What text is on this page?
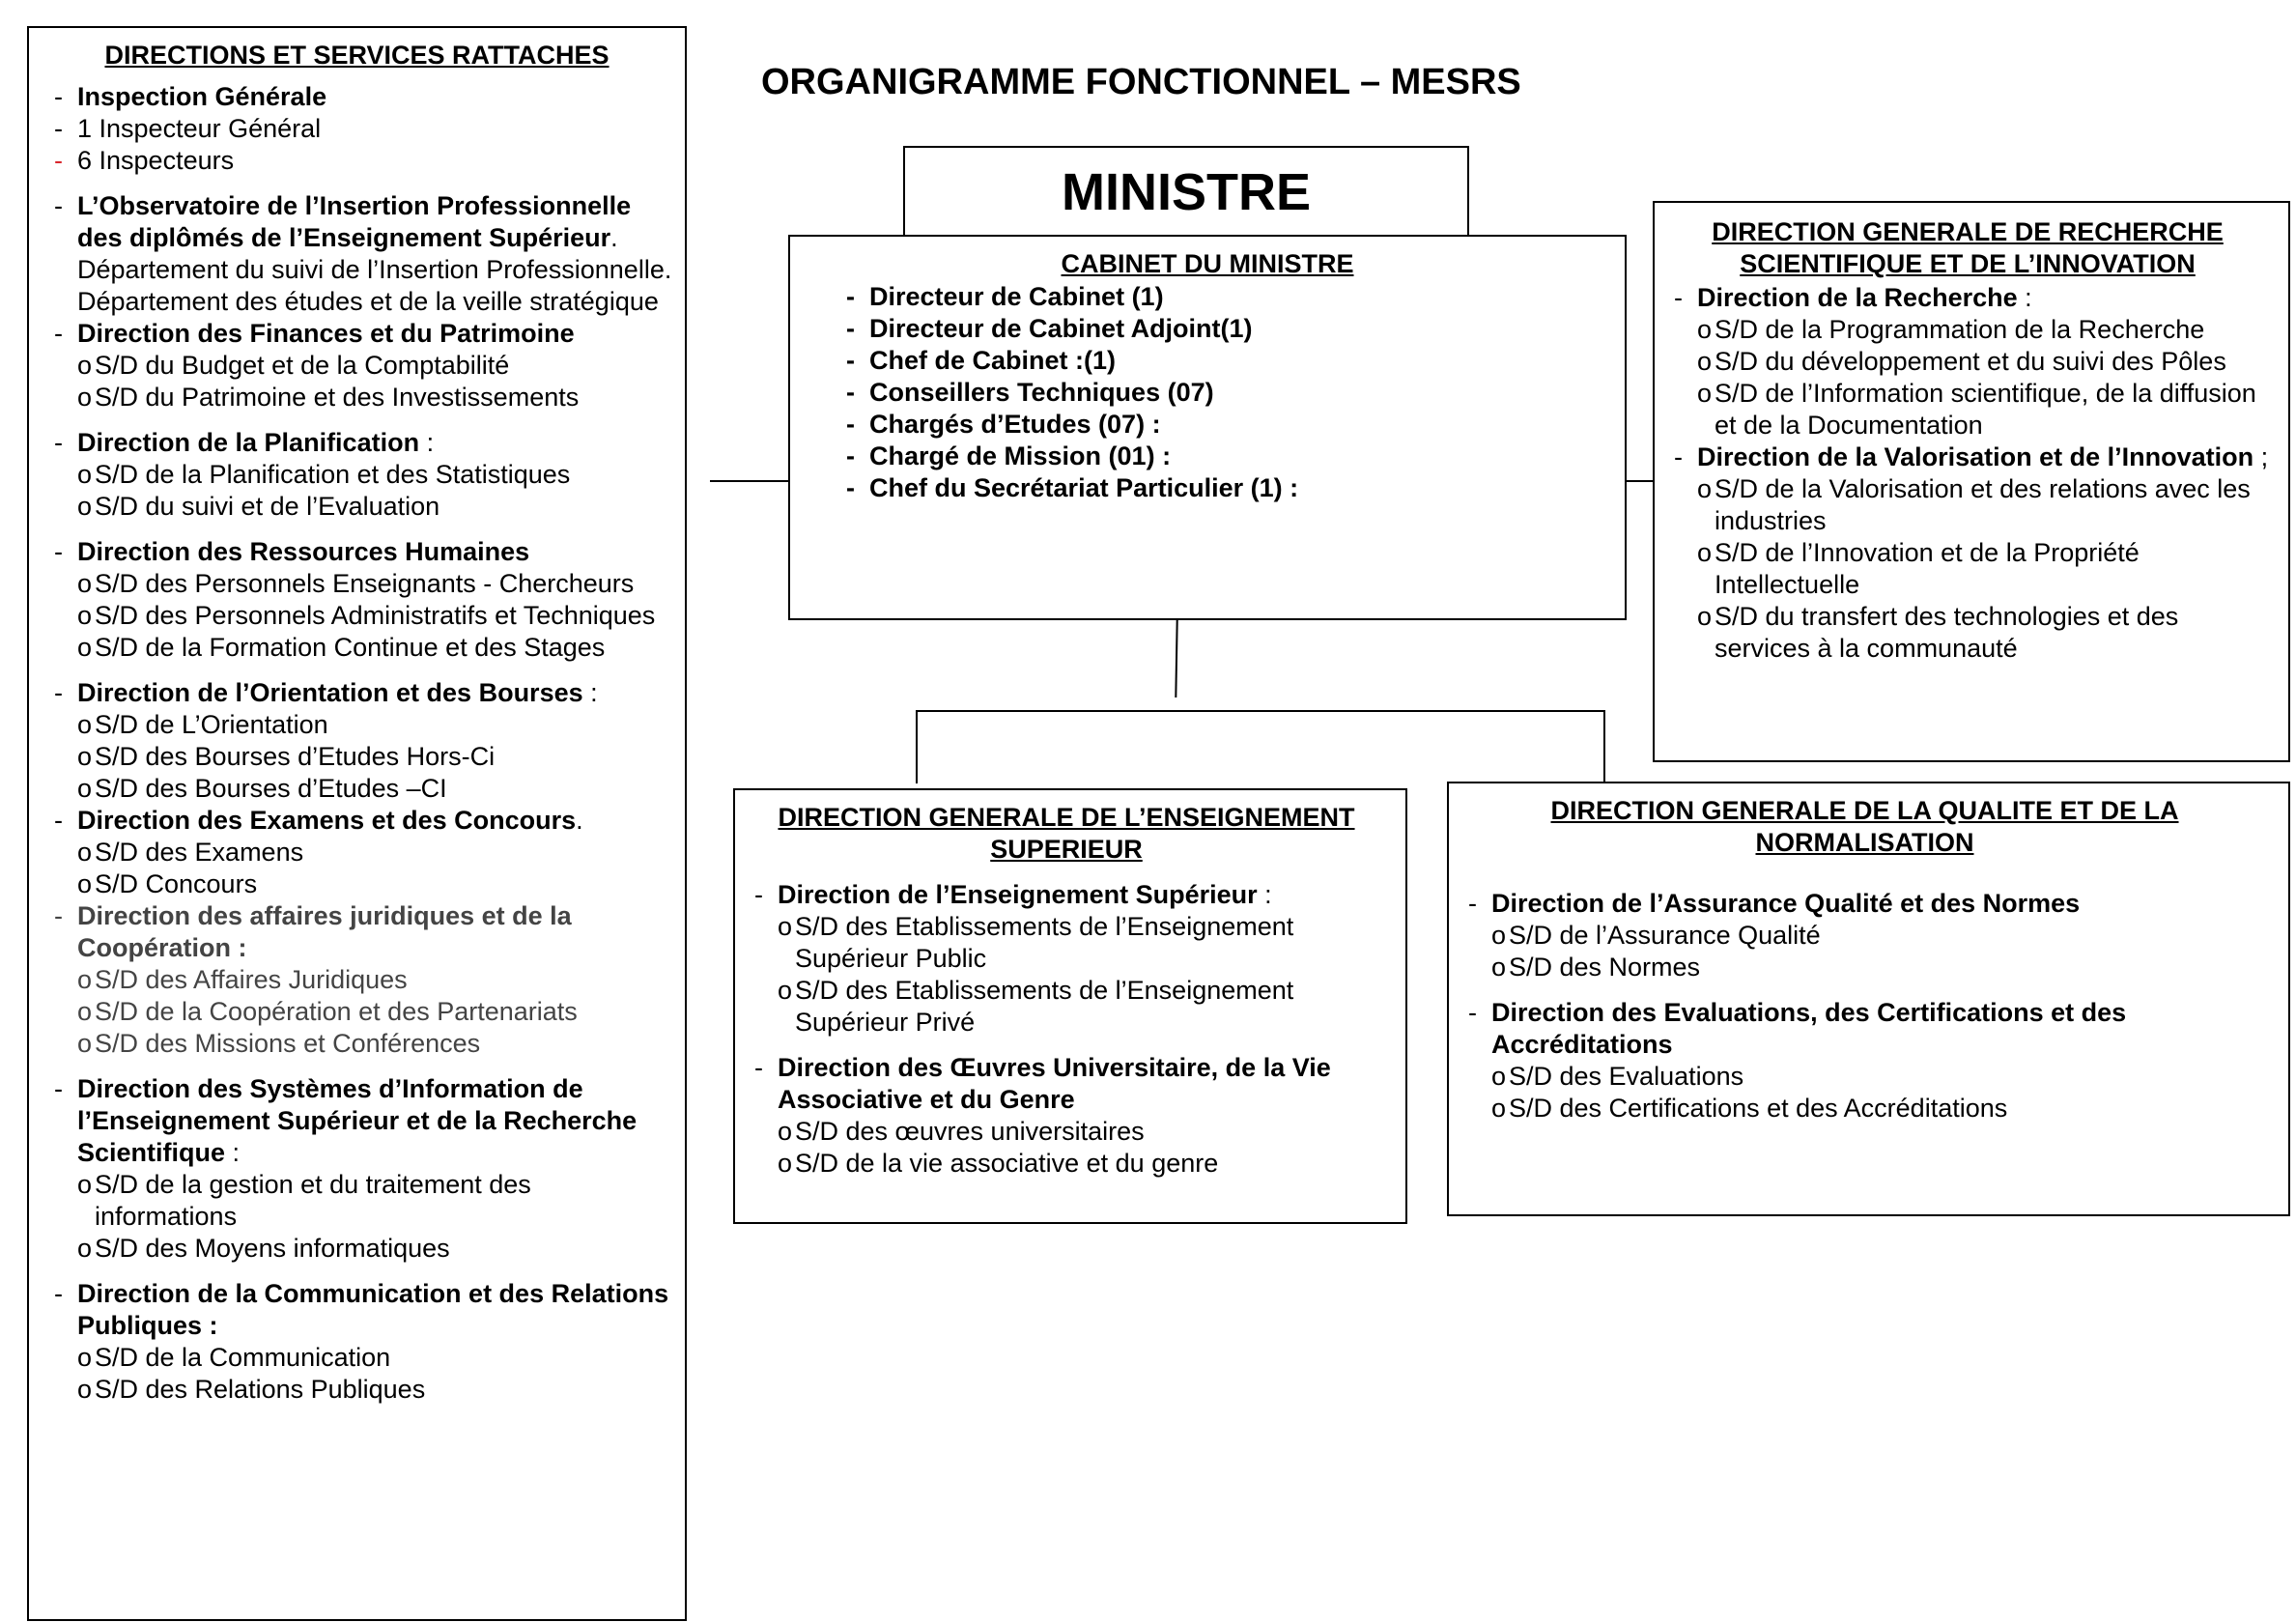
ORGANIGRAMME FONCTIONNEL – MESRS
MINISTRE
DIRECTIONS ET SERVICES RATTACHES
- Inspection Générale
- 1 Inspecteur Général
- 6 Inspecteurs
- L’Observatoire de l’Insertion Professionnelle des diplômés de l’Enseignement Supérieur.
Département du suivi de l’Insertion Professionnelle.
Département des études et de la veille stratégique
- Direction des Finances et du Patrimoine
o S/D du Budget et de la Comptabilité
o S/D du Patrimoine et des Investissements
- Direction de la Planification :
o S/D de la Planification et des Statistiques
o S/D du suivi et de l’Evaluation
- Direction des Ressources Humaines
o S/D des Personnels Enseignants - Chercheurs
o S/D des Personnels Administratifs et Techniques
o S/D de la Formation Continue et des Stages
- Direction de l’Orientation et des Bourses :
o S/D de L’Orientation
o S/D des Bourses d’Etudes Hors-Ci
o S/D des Bourses d’Etudes –CI
- Direction des Examens et des Concours.
o S/D des Examens
o S/D Concours
- Direction des affaires juridiques et de la Coopération :
o S/D des Affaires Juridiques
o S/D de la Coopération et des Partenariats
o S/D des Missions et Conférences
- Direction des Systèmes d’Information de l’Enseignement Supérieur et de la Recherche Scientifique :
o S/D de la gestion et du traitement des informations
o S/D des Moyens informatiques
- Direction de la Communication et des Relations Publiques :
o S/D de la Communication
o S/D des Relations Publiques
CABINET DU MINISTRE
- Directeur de Cabinet (1)
- Directeur de Cabinet Adjoint(1)
- Chef de Cabinet :(1)
- Conseillers Techniques (07)
- Chargés d’Etudes (07) :
- Chargé de Mission (01) :
- Chef du Secrétariat Particulier (1) :
DIRECTION GENERALE DE RECHERCHE SCIENTIFIQUE ET DE L’INNOVATION
- Direction de la Recherche :
o S/D de la Programmation de la Recherche
o S/D du développement et du suivi des Pôles
o S/D de l’Information scientifique, de la diffusion et de la Documentation
- Direction de la Valorisation et de l’Innovation ;
o S/D de la Valorisation et des relations avec les industries
o S/D de l’Innovation et de la Propriété Intellectuelle
o S/D du transfert des technologies et des services à la communauté
DIRECTION GENERALE DE L’ENSEIGNEMENT SUPERIEUR
- Direction de l’Enseignement Supérieur :
o S/D des Etablissements de l’Enseignement Supérieur Public
o S/D des Etablissements de l’Enseignement Supérieur Privé
- Direction des Œuvres Universitaire, de la Vie Associative et du Genre
o S/D des œuvres universitaires
o S/D de la vie associative et du genre
DIRECTION GENERALE DE LA QUALITE ET DE LA NORMALISATION
- Direction de l’Assurance Qualité et des Normes
o S/D de l’Assurance Qualité
o S/D des Normes
- Direction des Evaluations, des Certifications et des Accréditations
o S/D des Evaluations
o S/D des Certifications et des Accréditations
